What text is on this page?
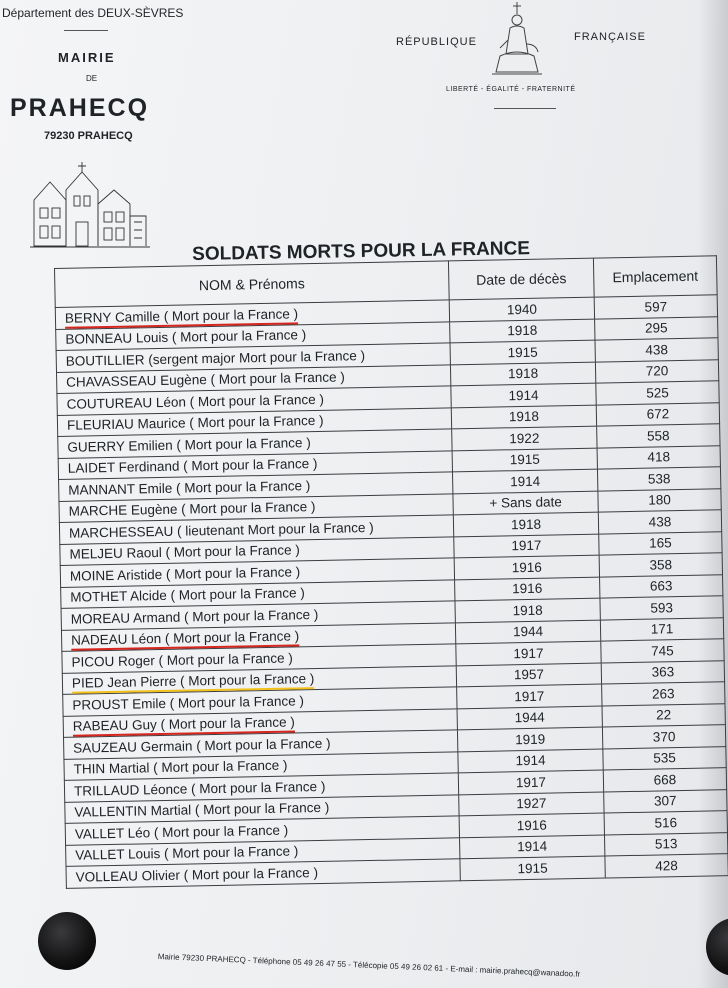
Département des DEUX-SÈVRES
MAIRIE
DE
PRAHECQ
79230 PRAHECQ
RÉPUBLIQUE	FRANÇAISE
LIBERTÉ - ÉGALITÉ - FRATERNITÉ
SOLDATS MORTS POUR LA FRANCE
NOM & Prénoms	Date de décès	Emplacement
BERNY Camille ( Mort pour la France )	1940	597
BONNEAU Louis ( Mort pour la France )	1918	295
BOUTILLIER (sergent major Mort pour la France )	1915	438
CHAVASSEAU Eugène ( Mort pour la France )	1918	720
COUTUREAU Léon ( Mort pour la France )	1914	525
FLEURIAU Maurice ( Mort pour la France )	1918	672
GUERRY Emilien ( Mort pour la France )	1922	558
LAIDET Ferdinand ( Mort pour la France )	1915	418
MANNANT Emile ( Mort pour la France )	1914	538
MARCHE Eugène ( Mort pour la France )	+ Sans date	180
MARCHESSEAU ( lieutenant Mort pour la France )	1918	438
MELJEU Raoul ( Mort pour la France )	1917	165
MOINE Aristide ( Mort pour la France )	1916	358
MOTHET Alcide ( Mort pour la France )	1916	663
MOREAU Armand ( Mort pour la France )	1918	593
NADEAU Léon ( Mort pour la France )	1944	171
PICOU Roger ( Mort pour la France )	1917	745
PIED Jean Pierre ( Mort pour la France )	1957	363
PROUST Emile ( Mort pour la France )	1917	263
RABEAU Guy ( Mort pour la France )	1944	22
SAUZEAU Germain ( Mort pour la France )	1919	370
THIN Martial ( Mort pour la France )	1914	535
TRILLAUD Léonce ( Mort pour la France )	1917	668
VALLENTIN Martial ( Mort pour la France )	1927	307
VALLET Léo ( Mort pour la France )	1916	516
VALLET Louis ( Mort pour la France )	1914	513
VOLLEAU Olivier ( Mort pour la France )	1915	428
Mairie 79230 PRAHECQ - Téléphone 05 49 26 47 55 - Télécopie 05 49 26 02 61 - E-mail : mairie.prahecq@wanadoo.fr
